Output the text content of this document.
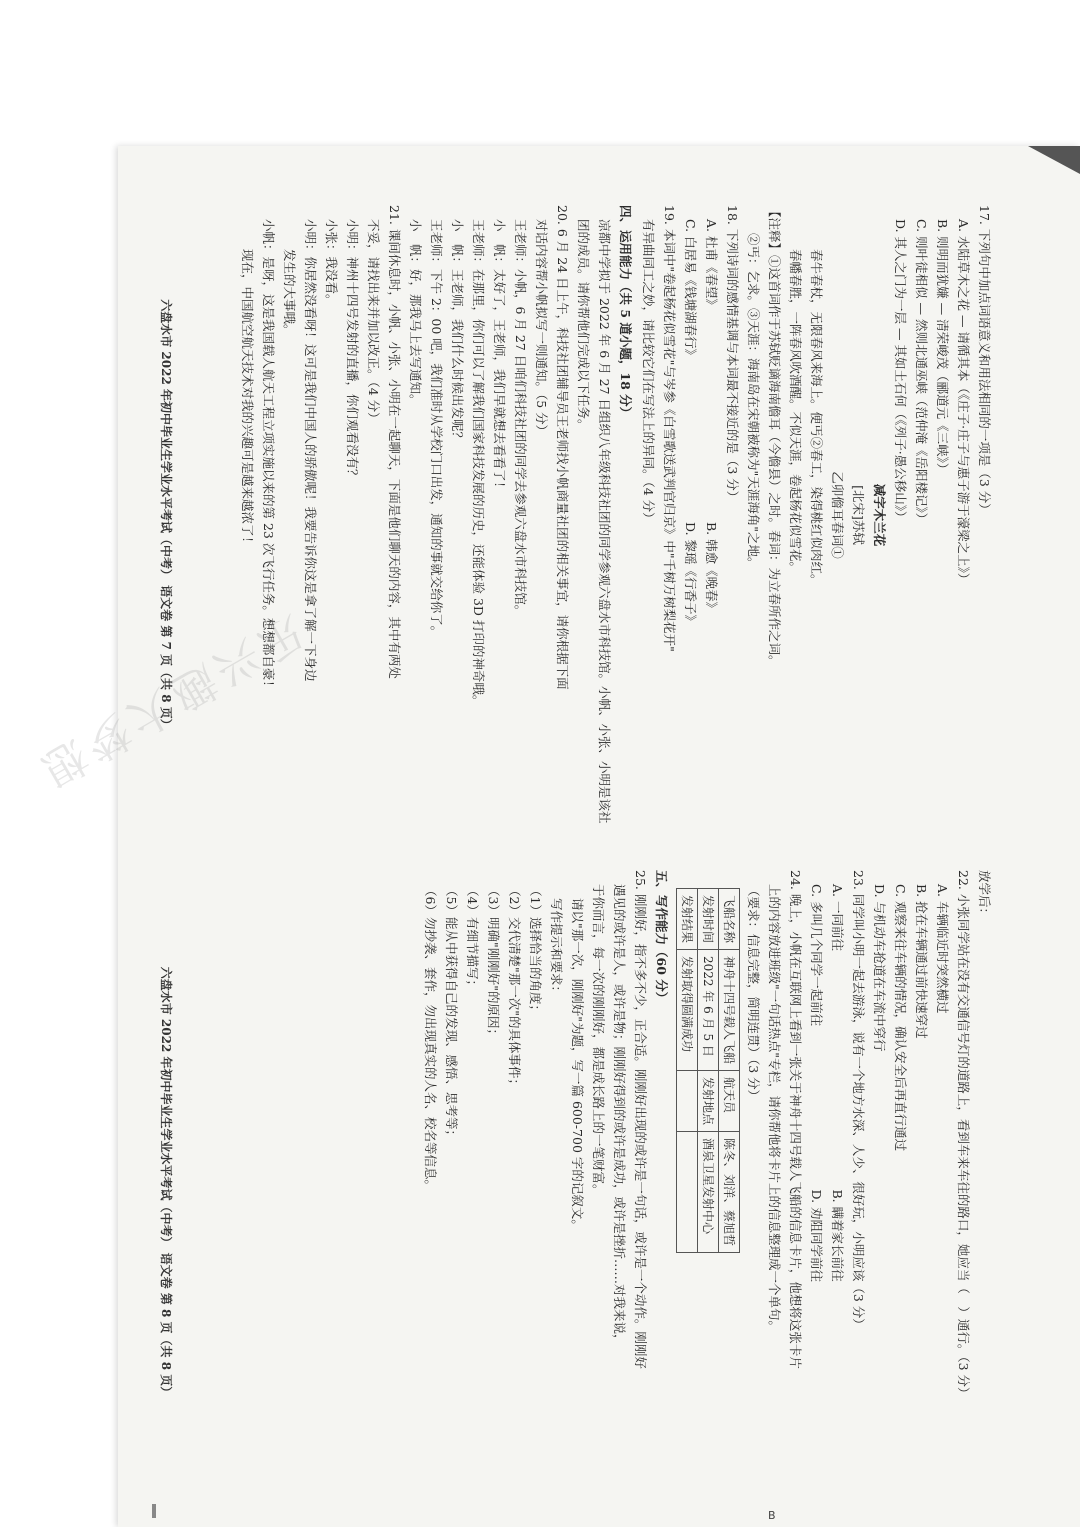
B
17. 下列句中加点词语意义和用法相同的一项是（3 分）
A. 水陆草木之花 — 请循其本（《庄子·庄子与惠子游于濠梁之上》）
B. 则明而犹嫌 — 清荣峻茂（郦道元《三峡》）
C. 则叶徒相似 — 然则北通巫峡（范仲淹《岳阳楼记》）
D. 其人之门为一层 — 其如土石何（《列子·愚公移山》）
减字木兰花
[北宋]苏轼
乙卯儋耳春词①
春牛春杖，无限春风来海上。便丐②春工，染得桃红似肉红。
春幡春胜，一阵春风吹酒醒。不似天涯，卷起杨花似雪花。
【注释】①这首词作于苏轼贬谪海南儋耳（今儋县）之时。春词：为立春所作之词。
②丐：乞求。③天涯：海南岛在宋朝被称为"天涯海角"之地。
18. 下列诗词的感情基调与本词最不接近的是（3 分）
A. 杜甫《春望》
B. 韩愈《晚春》
C. 白居易《钱塘湖春行》
D. 黎瑶《行香子》
19. 本词中"卷起杨花似雪花"与岑参《白雪歌送武判官归京》中"千树万树梨花开"
有异曲同工之妙，请比较它们在写法上的异同。（4 分）
四、运用能力（共 5 道小题，18 分）
凉都中学拟于 2022 年 6 月 27 日组织八年级科技社团的同学参观六盘水市科技馆。小帆、小张、小明是该社团的成员。请你帮他们完成以下任务。
20. 6 月 24 日上午，科技社团辅导员王老师找小帆商量社团的相关事宜，请你根据下面
对话内容帮小帆拟写一则通知。（5 分）
王老师：小帆，6 月 27 日咱们科技社团的同学去参观六盘水市科技馆。
小　帆：太好了，王老师，我们早就想去看看了！
王老师：在那里，你们可以了解我们国家科技发展的历史，还能体验 3D 打印的神奇哦。
小　帆：王老师，我们什么时候出发呢？
王老师：下午 2：00 吧，我们准时从学校门口出发，通知的事就交给你了。
小　帆：好，那我马上去写通知。
21. 课间休息时，小帆、小张、小明在一起聊天，下面是他们聊天的内容，其中有两处
不妥，请找出来并加以改正。（4 分）
小明：神州十四号发射的直播，你们观看没有？
小张：我没看。
小明：你居然没看呀！这可是我们中国人的骄傲呢！我要告诉你这是拿了解一下身边
发生的大事哦。
小帆：是呀，这是我国载人航天工程立项实施以来的第 23 次飞行任务。想想都自豪！
现在，中国航空航天技术对我的兴趣可是越来越浓了！
六盘水市 2022 年初中毕业生学业水平考试（中考） 语文卷 第 7 页（共 8 页）
放学后：
22. 小张同学站在没有交通信号灯的道路上，看到车来车往的路口，她应当（　）通行。（3 分）
A. 车辆临近时突然横过
B. 抢在车辆通过前快速穿过
C. 观察来往车辆的情况，确认安全后再直行通过
D. 与机动车抢道在车流中穿行
23. 同学叫小明一起去游泳，说有一个地方水深、人少、很好玩，小明应该（3 分）
A. 一同前往
B. 瞒着家长前往
C. 多叫几个同学一起前往
D. 劝阻同学前往
24. 晚上，小帆在互联网上看到一张关于神舟十四号载人飞船的信息卡片，他想将这张卡片
上的内容放进班级"一句话热点"专栏，请你帮他将卡片上的信息整理成一个单句。
（要求：信息完整，简明连贯）（3 分）
飞船名称	神舟十四号载人飞船	航天员	陈冬、刘洋、蔡旭哲
发射时间	2022 年 6 月 5 日	发射地点	酒泉卫星发射中心
发射结果	发射取得圆满成功		
五、写作能力（60 分）
25. 刚刚好，指不多不少，正合适。刚刚好出现的或许是一句话，或许是一个动作。刚刚好
遇见的或许是人，或许是物；刚刚好得到的或许是成功，或许是挫折……对我来说，
于你而言，每一次的刚刚好，都是成长路上的一笔财富。
请以"那一次，刚刚好"为题，写一篇 600-700 字的记叙文。
写作提示和要求：
（1）选择恰当的角度；
（2）交代清楚"那一次"的具体事件；
（3）明确"刚刚好"的原因；
（4）有细节描写；
（5）能从中获得自己的发现、感悟、思考等；
（6）勿抄袭、套作，勿出现真实的人名、校名等信息。
六盘水市 2022 年初中毕业生学业水平考试（中考） 语文卷 第 8 页（共 8 页）
乐兴趣大梦想
